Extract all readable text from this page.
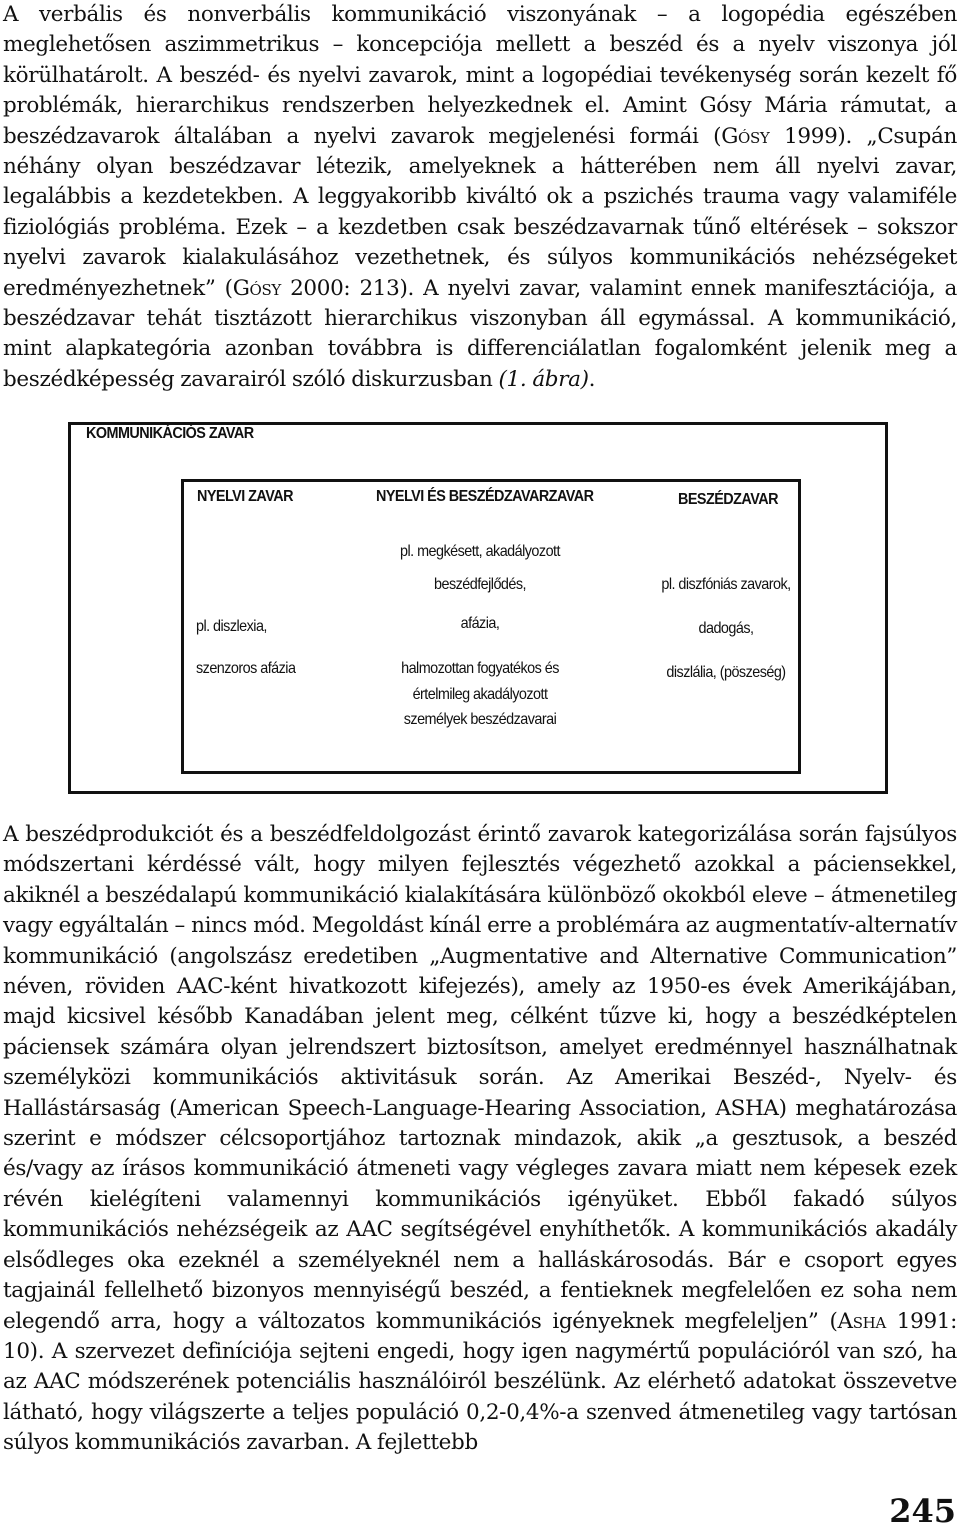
A verbális és nonverbális kommunikáció viszonyának – a logopédia egészében meglehetősen aszimmetrikus – koncepciója mellett a beszéd és a nyelv viszonya jól körülhatárolt. A beszéd- és nyelvi zavarok, mint a logopédiai tevékenység során kezelt fő problémák, hierarchikus rendszerben helyezkednek el. Amint Gósy Mária rámutat, a beszédzavarok általában a nyelvi zavarok megjelenési formái (Gósy 1999). „Csupán néhány olyan beszédzavar létezik, amelyeknek a hátterében nem áll nyelvi zavar, legalábbis a kezdetekben. A leggyakoribb kiváltó ok a pszichés trauma vagy valamiféle fiziológiás probléma. Ezek – a kezdetben csak beszédzavarnak tűnő eltérések – sokszor nyelvi zavarok kialakulásához vezethetnek, és súlyos kommunikációs nehézségeket eredményezhetnek” (Gósy 2000: 213). A nyelvi zavar, valamint ennek manifesztációja, a beszédzavar tehát tisztázott hierarchikus viszonyban áll egymással. A kommunikáció, mint alapkategória azonban továbbra is differenciálatlan fogalomként jelenik meg a beszédképesség zavarairól szóló diskurzusban (1. ábra).

KOMMUNIKÁCIÓS ZAVAR
NYELVI ZAVAR	NYELVI ÉS BESZÉDZAVARZAVAR	BESZÉDZAVAR
pl. diszlexia,
szenzoros afázia
pl. megkésett, akadályozott
beszédfejlődés,
afázia,
halmozottan fogyatékos és
értelmileg akadályozott
személyek beszédzavarai
pl. diszfóniás zavarok,
dadogás,
diszlália, (pöszeség)

A beszédprodukciót és a beszédfeldolgozást érintő zavarok kategorizálása során fajsúlyos módszertani kérdéssé vált, hogy milyen fejlesztés végezhető azokkal a páciensekkel, akiknél a beszédalapú kommunikáció kialakítására különböző okokból eleve – átmenetileg vagy egyáltalán – nincs mód. Megoldást kínál erre a problémára az augmentatív-alternatív kommunikáció (angolszász eredetiben „Augmentative and Alternative Communication” néven, röviden AAC-ként hivatkozott kifejezés), amely az 1950-es évek Amerikájában, majd kicsivel később Kanadában jelent meg, célként tűzve ki, hogy a beszédképtelen páciensek számára olyan jelrendszert biztosítson, amelyet eredménnyel használhatnak személyközi kommunikációs aktivitásuk során. Az Amerikai Beszéd-, Nyelv- és Hallástársaság (American Speech-Language-Hearing Association, ASHA) meghatározása szerint e módszer célcsoportjához tartoznak mindazok, akik „a gesztusok, a beszéd és/vagy az írásos kommunikáció átmeneti vagy végleges zavara miatt nem képesek ezek révén kielégíteni valamennyi kommunikációs igényüket. Ebből fakadó súlyos kommunikációs nehézségeik az AAC segítségével enyhíthetők. A kommunikációs akadály elsődleges oka ezeknél a személyeknél nem a halláskárosodás. Bár e csoport egyes tagjainál fellelhető bizonyos mennyiségű beszéd, a fentieknek megfelelően ez soha nem elegendő arra, hogy a változatos kommunikációs igényeknek megfeleljen” (Asha 1991: 10). A szervezet definíciója sejteni engedi, hogy igen nagymértű populációról van szó, ha az AAC módszerének potenciális használóiról beszélünk. Az elérhető adatokat összevetve látható, hogy világszerte a teljes populáció 0,2-0,4%-a szenved átmenetileg vagy tartósan súlyos kommunikációs zavarban. A fejlettebb

245
